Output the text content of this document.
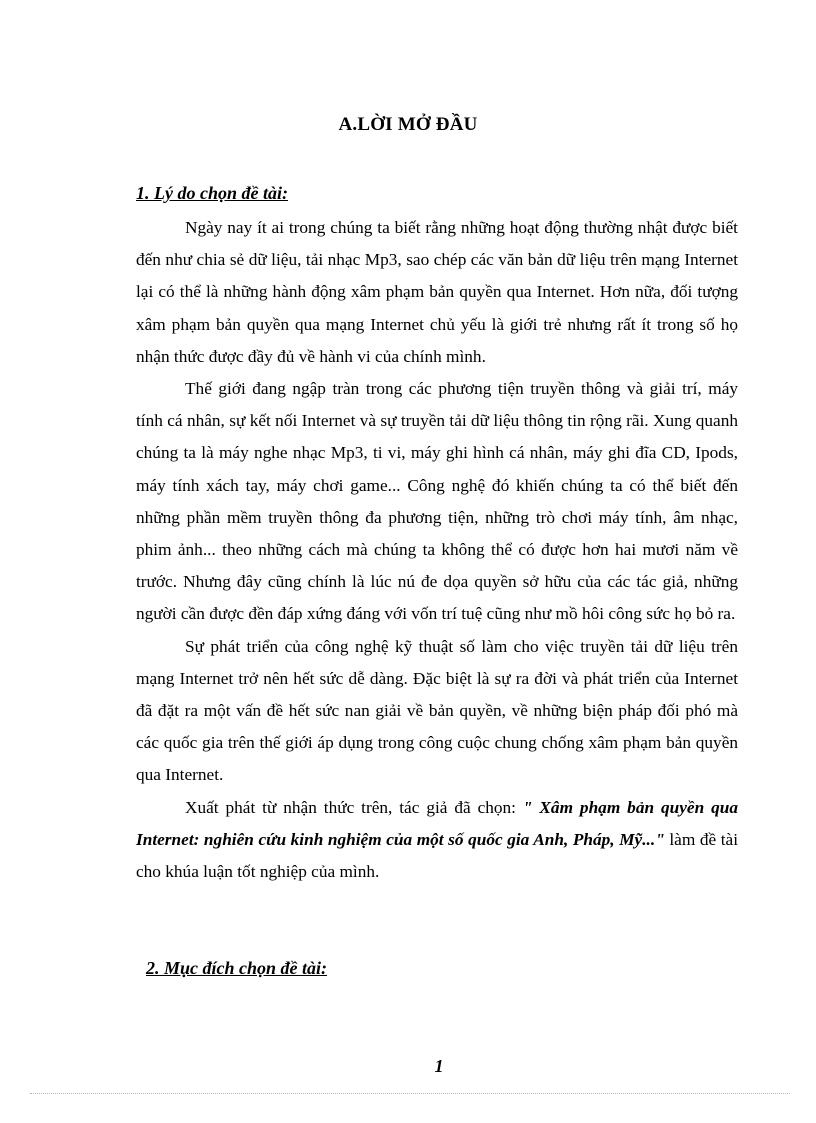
A.LỜI MỞ ĐẦU
1. Lý do chọn đề tài:

Ngày nay ít ai trong chúng ta biết rằng những hoạt động thường nhật được biết đến như chia sẻ dữ liệu, tải nhạc Mp3, sao chép các văn bản dữ liệu trên mạng Internet lại có thể là những hành động xâm phạm bản quyền qua Internet. Hơn nữa, đối tượng xâm phạm bản quyền qua mạng Internet chủ yếu là giới trẻ nhưng rất ít trong số họ nhận thức được đầy đủ về hành vi của chính mình.

Thế giới đang ngập tràn trong các phương tiện truyền thông và giải trí, máy tính cá nhân, sự kết nối Internet và sự truyền tải dữ liệu thông tin rộng rãi. Xung quanh chúng ta là máy nghe nhạc Mp3, ti vi, máy ghi hình cá nhân, máy ghi đĩa CD, Ipods, máy tính xách tay, máy chơi game... Công nghệ đó khiến chúng ta có thể biết đến những phần mềm truyền thông đa phương tiện, những trò chơi máy tính, âm nhạc, phim ảnh... theo những cách mà chúng ta không thể có được hơn hai mươi năm về trước. Nhưng đây cũng chính là lúc nú đe dọa quyền sở hữu của các tác giả, những người cần được đền đáp xứng đáng với vốn trí tuệ cũng như mồ hôi công sức họ bỏ ra.

Sự phát triển của công nghệ kỹ thuật số làm cho việc truyền tải dữ liệu trên mạng Internet trở nên hết sức dễ dàng. Đặc biệt là sự ra đời và phát triển của Internet đã đặt ra một vấn đề hết sức nan giải về bản quyền, về những biện pháp đối phó mà các quốc gia trên thế giới áp dụng trong công cuộc chung chống xâm phạm bản quyền qua Internet.

Xuất phát từ nhận thức trên, tác giả đã chọn: " Xâm phạm bản quyền qua Internet: nghiên cứu kinh nghiệm của một số quốc gia Anh, Pháp, Mỹ..." làm đề tài cho khúa luận tốt nghiệp của mình.

2. Mục đích chọn đề tài:
1
